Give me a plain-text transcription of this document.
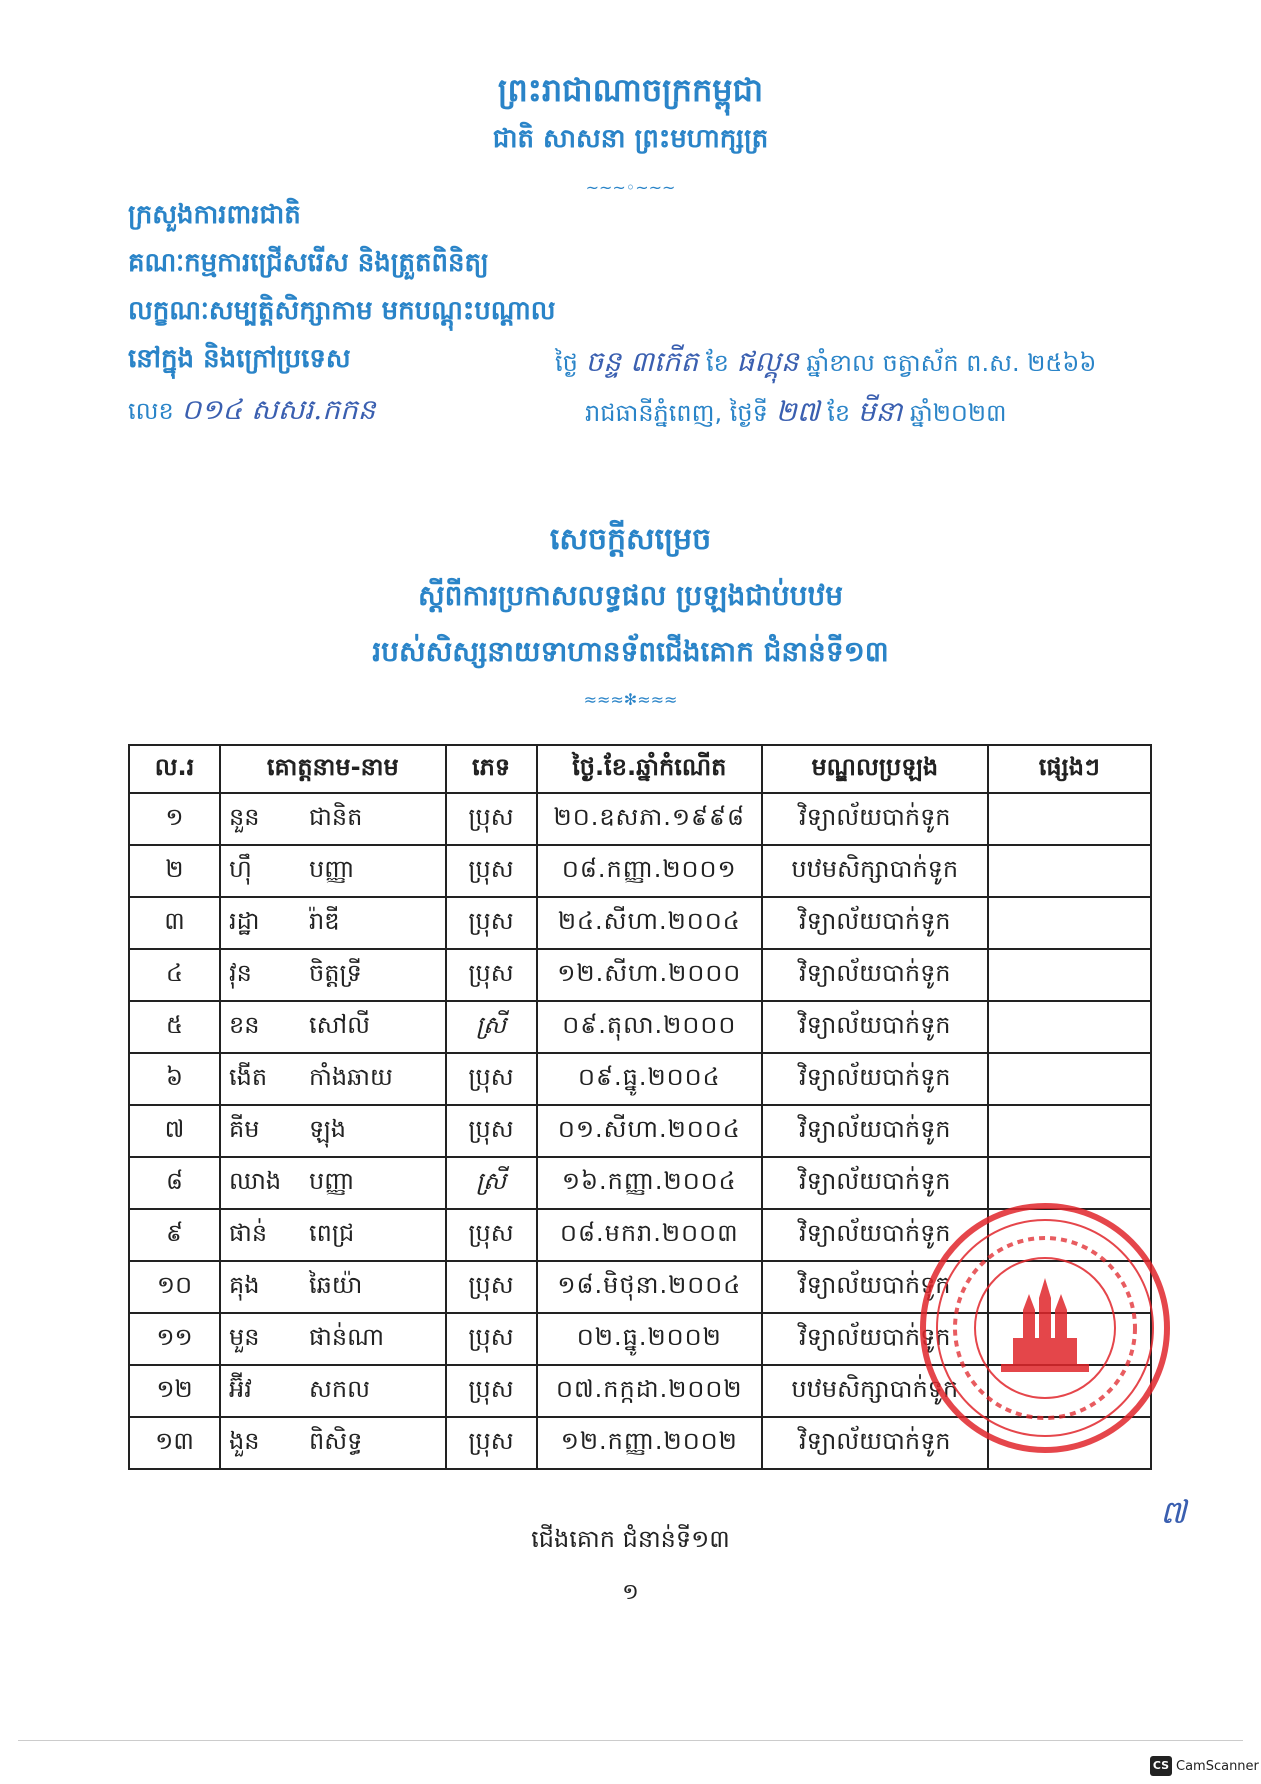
ព្រះរាជាណាចក្រកម្ពុជា
ជាតិ សាសនា ព្រះមហាក្សត្រ
~~~◦~~~
ក្រសួងការពារជាតិ
គណៈកម្មការជ្រើសរើស និងត្រួតពិនិត្យ
លក្ខណៈសម្បត្តិសិក្សាកាម មកបណ្តុះបណ្តាល
នៅក្នុង និងក្រៅប្រទេស	ថ្ងៃ ចន្ទ ៣កើត ខែ ផល្គុន ឆ្នាំខាល ចត្វាស័ក ព.ស. ២៥៦៦
លេខ ០១៤ សសរ.កកន	រាជធានីភ្នំពេញ, ថ្ងៃទី ២៧ ខែ មីនា ឆ្នាំ២០២៣
សេចក្តីសម្រេច
ស្តីពីការប្រកាសលទ្ធផល ប្រឡងជាប់បឋម
របស់សិស្សនាយទាហានទ័ពជើងគោក ជំនាន់ទី១៣
≈≈≈✻≈≈≈
ល.រ	គោត្តនាម-នាម	ភេទ	ថ្ងៃ.ខែ.ឆ្នាំកំណើត	មណ្ឌលប្រឡង	ផ្សេងៗ
១	នួន ជានិត	ប្រុស	២០.ឧសភា.១៩៩៨	វិទ្យាល័យបាក់ទូក	
២	ហ៊ឹ បញ្ញា	ប្រុស	០៨.កញ្ញា.២០០១	បឋមសិក្សាបាក់ទូក	
៣	រដ្ឋា រ៉ាឌី	ប្រុស	២៤.សីហា.២០០៤	វិទ្យាល័យបាក់ទូក	
៤	វុន ចិត្តទ្រី	ប្រុស	១២.សីហា.២០០០	វិទ្យាល័យបាក់ទូក	
៥	ខន សៅលី	ស្រី	០៩.តុលា.២០០០	វិទ្យាល័យបាក់ទូក	
៦	ងើត កាំងឆាយ	ប្រុស	០៩.ធ្នូ.២០០៤	វិទ្យាល័យបាក់ទូក	
៧	គីម ឡុង	ប្រុស	០១.សីហា.២០០៤	វិទ្យាល័យបាក់ទូក	
៨	ឈាង បញ្ញា	ស្រី	១៦.កញ្ញា.២០០៤	វិទ្យាល័យបាក់ទូក	
៩	ផាន់ ពេជ្រ	ប្រុស	០៨.មករា.២០០៣	វិទ្យាល័យបាក់ទូក	
១០	គុង ឆៃយ៉ា	ប្រុស	១៨.មិថុនា.២០០៤	វិទ្យាល័យបាក់ទូក	
១១	មួន ផាន់ណា	ប្រុស	០២.ធ្នូ.២០០២	វិទ្យាល័យបាក់ទូក	
១២	អ៊ីវ សកល	ប្រុស	០៧.កក្កដា.២០០២	បឋមសិក្សាបាក់ទូក	
១៣	ងួន ពិសិទ្ធ	ប្រុស	១២.កញ្ញា.២០០២	វិទ្យាល័យបាក់ទូក	
៧
ជើងគោក ជំនាន់ទី១៣
១
CS CamScanner
